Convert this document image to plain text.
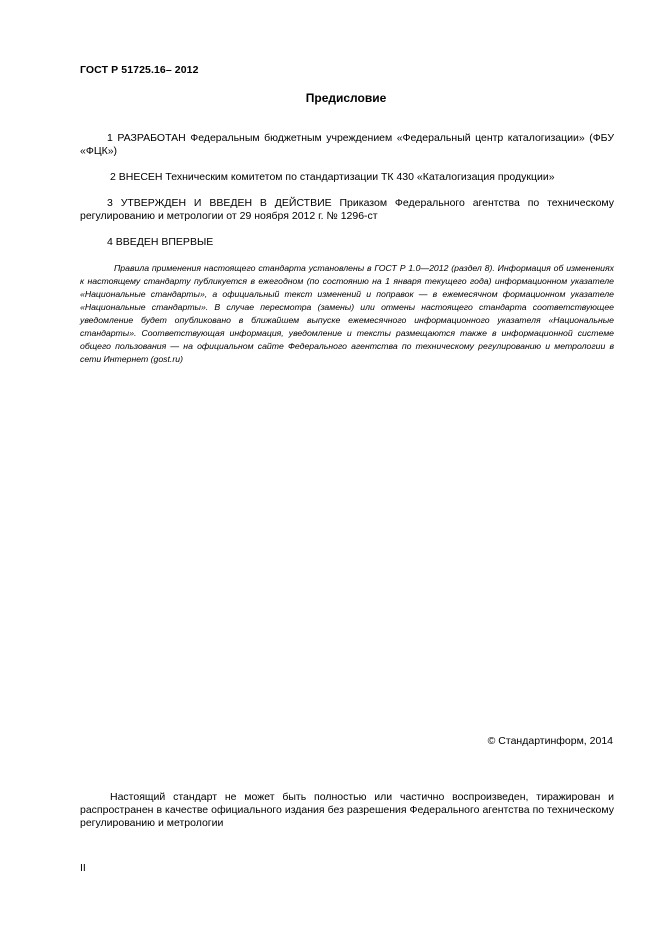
ГОСТ Р 51725.16– 2012
Предисловие

1 РАЗРАБОТАН Федеральным бюджетным учреждением «Федеральный центр каталогизации» (ФБУ «ФЦК»)

2 ВНЕСЕН Техническим комитетом по стандартизации ТК 430 «Каталогизация продукции»

3 УТВЕРЖДЕН И ВВЕДЕН В ДЕЙСТВИЕ Приказом Федерального агентства по техническому регулированию и метрологии от 29 ноября 2012 г. № 1296-ст

4 ВВЕДЕН ВПЕРВЫЕ

Правила применения настоящего стандарта установлены в ГОСТ Р 1.0—2012 (раздел 8). Информация об изменениях к настоящему стандарту публикуется в ежегодном (по состоянию на 1 января текущего года) информационном указателе «Национальные стандарты», а официальный текст изменений и поправок — в ежемесячном формационном указателе «Национальные стандарты». В случае пересмотра (замены) или отмены настоящего стандарта соответствующее уведомление будет опубликовано в ближайшем выпуске ежемесячного информационного указателя «Национальные стандарты». Соответствующая информация, уведомление и тексты размещаются также в информационной системе общего пользования — на официальном сайте Федерального агентства по техническому регулированию и метрологии в сети Интернет (gost.ru)

© Стандартинформ, 2014

Настоящий стандарт не может быть полностью или частично воспроизведен, тиражирован и распространен в качестве официального издания без разрешения Федерального агентства по техническому регулированию и метрологии

II
